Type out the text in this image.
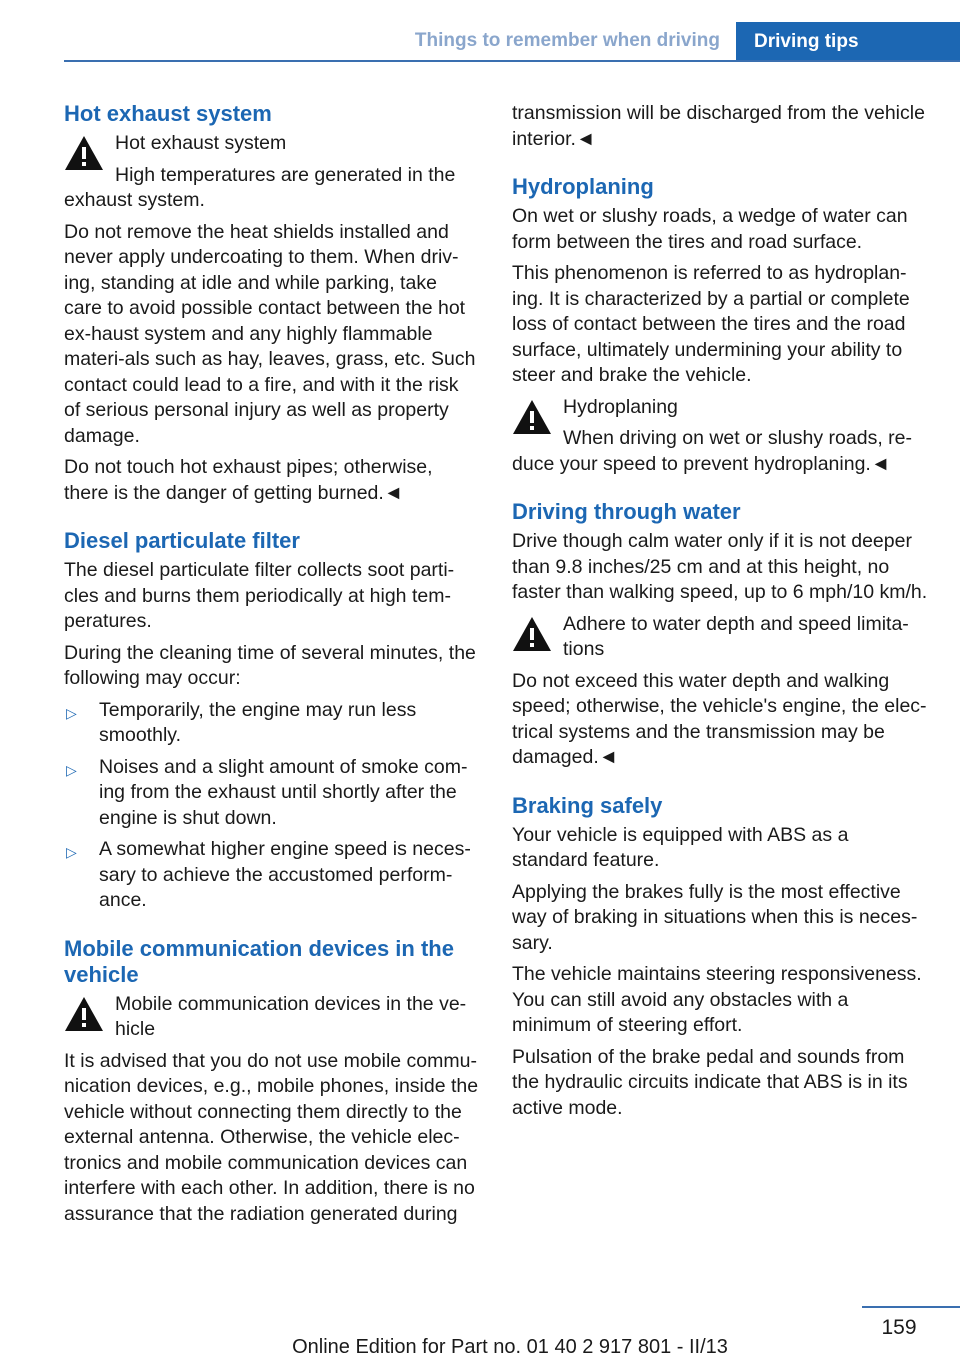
Things to remember when driving	Driving tips
Hot exhaust system
Hot exhaust system
High temperatures are generated in the exhaust system.

Do not remove the heat shields installed and never apply undercoating to them. When driv‐ing, standing at idle and while parking, take care to avoid possible contact between the hot ex‐haust system and any highly flammable materi‐als such as hay, leaves, grass, etc. Such contact could lead to a fire, and with it the risk of serious personal injury as well as property damage.

Do not touch hot exhaust pipes; otherwise, there is the danger of getting burned.◄

Diesel particulate filter

The diesel particulate filter collects soot parti‐cles and burns them periodically at high tem‐peratures.

During the cleaning time of several minutes, the following may occur:

▷ Temporarily, the engine may run less smoothly.
▷ Noises and a slight amount of smoke com‐ing from the exhaust until shortly after the engine is shut down.
▷ A somewhat higher engine speed is neces‐sary to achieve the accustomed perform‐ance.
Mobile communication devices in the vehicle
Mobile communication devices in the ve‐hicle

It is advised that you do not use mobile commu‐nication devices, e.g., mobile phones, inside the vehicle without connecting them directly to the external antenna. Otherwise, the vehicle elec‐tronics and mobile communication devices can interfere with each other. In addition, there is no assurance that the radiation generated during

transmission will be discharged from the vehicle interior.◄

Hydroplaning

On wet or slushy roads, a wedge of water can form between the tires and road surface.

This phenomenon is referred to as hydroplan‐ing. It is characterized by a partial or complete loss of contact between the tires and the road surface, ultimately undermining your ability to steer and brake the vehicle.

Hydroplaning
When driving on wet or slushy roads, re‐duce your speed to prevent hydroplaning.◄
Driving through water

Drive though calm water only if it is not deeper than 9.8 inches/25 cm and at this height, no faster than walking speed, up to 6 mph/10 km/h.

Adhere to water depth and speed limita‐tions

Do not exceed this water depth and walking speed; otherwise, the vehicle's engine, the elec‐trical systems and the transmission may be damaged.◄

Braking safely

Your vehicle is equipped with ABS as a standard feature.

Applying the brakes fully is the most effective way of braking in situations when this is neces‐sary.

The vehicle maintains steering responsiveness. You can still avoid any obstacles with a minimum of steering effort.

Pulsation of the brake pedal and sounds from the hydraulic circuits indicate that ABS is in its active mode.

159
Online Edition for Part no. 01 40 2 917 801 - II/13
